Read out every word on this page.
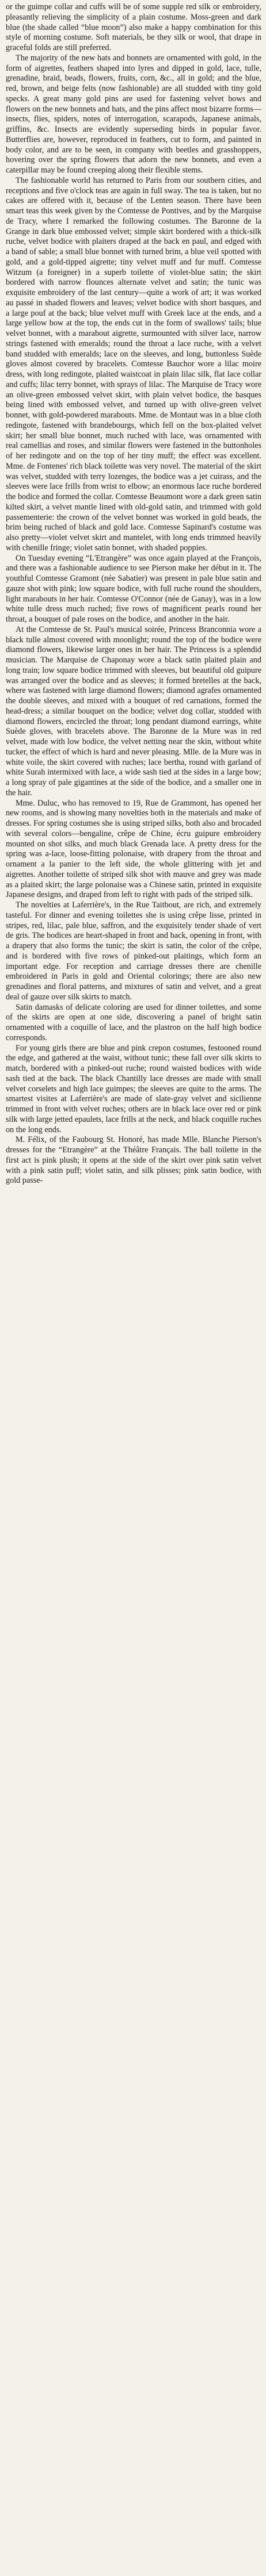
or the guimpe collar and cuffs will be of some supple red silk or embroidery, pleasantly relieving the simplicity of a plain costume. Moss-green and dark blue (the shade called “blue moon”) also make a happy combination for this style of morning costume. Soft materials, be they silk or wool, that drape in graceful folds are still preferred.

The majority of the new hats and bonnets are ornamented with gold, in the form of aigrettes, feathers shaped into lyres and dipped in gold, lace, tulle, grenadine, braid, beads, flowers, fruits, corn, &c., all in gold; and the blue, red, brown, and beige felts (now fashionable) are all studded with tiny gold specks. A great many gold pins are used for fastening velvet bows and flowers on the new bonnets and hats, and the pins affect most bizarre forms—insects, flies, spiders, notes of interrogation, scarapods, Japanese animals, griffins, &c. Insects are evidently superseding birds in popular favor. Butterflies are, however, reproduced in feathers, cut to form, and painted in body color, and are to be seen, in company with beetles and grasshoppers, hovering over the spring flowers that adorn the new bonnets, and even a caterpillar may be found creeping along their flexible stems.

The fashionable world has returned to Paris from our southern cities, and receptions and five o'clock teas are again in full sway. The tea is taken, but no cakes are offered with it, because of the Lenten season. There have been smart teas this week given by the Comtesse de Pontives, and by the Marquise de Tracy, where I remarked the following costumes. The Baronne de la Grange in dark blue embossed velvet; simple skirt bordered with a thick-silk ruche, velvet bodice with plaiters draped at the back en paul, and edged with a band of sable; a small blue bonnet with turned brim, a blue veil spotted with gold, and a gold-tipped aigrette; tiny velvet muff and fur muff. Comtesse Witzum (a foreigner) in a superb toilette of violet-blue satin; the skirt bordered with narrow flounces alternate velvet and satin; the tunic was exquisite embroidery of the last century—quite a work of art; it was worked au passé in shaded flowers and leaves; velvet bodice with short basques, and a large pouf at the back; blue velvet muff with Greek lace at the ends, and a large yellow bow at the top, the ends cut in the form of swallows' tails; blue velvet bonnet, with a marabout aigrette, surmounted with silver lace, narrow strings fastened with emeralds; round the throat a lace ruche, with a velvet band studded with emeralds; lace on the sleeves, and long, buttonless Suède gloves almost covered by bracelets. Comtesse Bauchor wore a lilac moire dress, with long redingote, plaited waistcoat in plain lilac silk, flat lace collar and cuffs; lilac terry bonnet, with sprays of lilac. The Marquise de Tracy wore an olive-green embossed velvet skirt, with plain velvet bodice, the basques being lined with embossed velvet, and turned up with olive-green velvet bonnet, with gold-powdered marabouts. Mme. de Montaut was in a blue cloth redingote, fastened with brandebourgs, which fell on the box-plaited velvet skirt; her small blue bonnet, much ruched with lace, was ornamented with real camellias and roses, and similar flowers were fastened in the buttonholes of her redingote and on the top of her tiny muff; the effect was excellent. Mme. de Fontenes' rich black toilette was very novel. The material of the skirt was velvet, studded with terry lozenges, the bodice was a jet cuirass, and the sleeves were lace frills from wrist to elbow; an enormous lace ruche bordered the bodice and formed the collar. Comtesse Beaumont wore a dark green satin kilted skirt, a velvet mantle lined with old-gold satin, and trimmed with gold passementerie: the crown of the velvet bonnet was worked in gold beads, the brim being ruched of black and gold lace. Comtesse Sapinard's costume was also pretty—violet velvet skirt and mantelet, with long ends trimmed heavily with chenille fringe; violet satin bonnet, with shaded poppies.

On Tuesday evening “L'Etrangère” was once again played at the François, and there was a fashionable audience to see Pierson make her début in it. The youthful Comtesse Gramont (née Sabatier) was present in pale blue satin and gauze shot with pink; low square bodice, with full ruche round the shoulders, light marabouts in her hair. Comtesse O'Connor (née de Ganay), was in a low white tulle dress much ruched; five rows of magnificent pearls round her throat, a bouquet of pale roses on the bodice, and another in the hair.

At the Comtesse de St. Paul's musical soirée, Princess Branconnia wore a black tulle almost covered with moonlight; round the top of the bodice were diamond flowers, likewise larger ones in her hair. The Princess is a splendid musician. The Marquise de Chaponay wore a black satin plaited plain and long train; low square bodice trimmed with sleeves, but beautiful old guipure was arranged over the bodice and as sleeves; it formed bretelles at the back, where was fastened with large diamond flowers; diamond agrafes ornamented the double sleeves, and mixed with a bouquet of red carnations, formed the head-dress; a similar bouquet on the bodice; velvet dog collar, studded with diamond flowers, encircled the throat; long pendant diamond earrings, white Suède gloves, with bracelets above. The Baronne de la Mure was in red velvet, made with low bodice, the velvet netting near the skin, without white tucker, the effect of which is hard and never pleasing. Mlle. de la Mure was in white voile, the skirt covered with ruches; lace bertha, round with garland of white Surah intermixed with lace, a wide sash tied at the sides in a large bow; a long spray of pale gigantines at the side of the bodice, and a smaller one in the hair.

Mme. Duluc, who has removed to 19, Rue de Grammont, has opened her new rooms, and is showing many novelties both in the materials and make of dresses. For spring costumes she is using striped silks, both also and brocaded with several colors—bengaline, crêpe de Chine, écru guipure embroidery mounted on shot silks, and much black Grenada lace. A pretty dress for the spring was a-lace, loose-fitting polonaise, with drapery from the throat and ornament a la panier to the left side, the whole glittering with jet and aigrettes. Another toilette of striped silk shot with mauve and grey was made as a plaited skirt; the large polonaise was a Chinese satin, printed in exquisite Japanese designs, and draped from left to right with pads of the striped silk.

The novelties at Laferrière's, in the Rue Taitbout, are rich, and extremely tasteful. For dinner and evening toilettes she is using crêpe lisse, printed in stripes, red, lilac, pale blue, saffron, and the exquisitely tender shade of vert de gris. The bodices are heart-shaped in front and back, opening in front, with a drapery that also forms the tunic; the skirt is satin, the color of the crêpe, and is bordered with five rows of pinked-out plaitings, which form an important edge. For reception and carriage dresses there are chenille embroidered in Paris in gold and Oriental colorings; there are also new grenadines and floral patterns, and mixtures of satin and velvet, and a great deal of gauze over silk skirts to match.

Satin damasks of delicate coloring are used for dinner toilettes, and some of the skirts are open at one side, discovering a panel of bright satin ornamented with a coquille of lace, and the plastron on the half high bodice corresponds.

For young girls there are blue and pink crepon costumes, festooned round the edge, and gathered at the waist, without tunic; these fall over silk skirts to match, bordered with a pinked-out ruche; round waisted bodices with wide sash tied at the back. The black Chantilly lace dresses are made with small velvet corselets and high lace guimpes; the sleeves are quite to the arms. The smartest visites at Laferrière's are made of slate-gray velvet and sicilienne trimmed in front with velvet ruches; others are in black lace over red or pink silk with large jetted epaulets, lace frills at the neck, and black coquille ruches on the long ends.

M. Félix, of the Faubourg St. Honoré, has made Mlle. Blanche Pierson's dresses for the “Etrangère” at the Théâtre Français. The ball toilette in the first act is pink plush; it opens at the side of the skirt over pink satin velvet with a pink satin puff; violet satin, and silk plisses; pink satin bodice, with gold passe-
